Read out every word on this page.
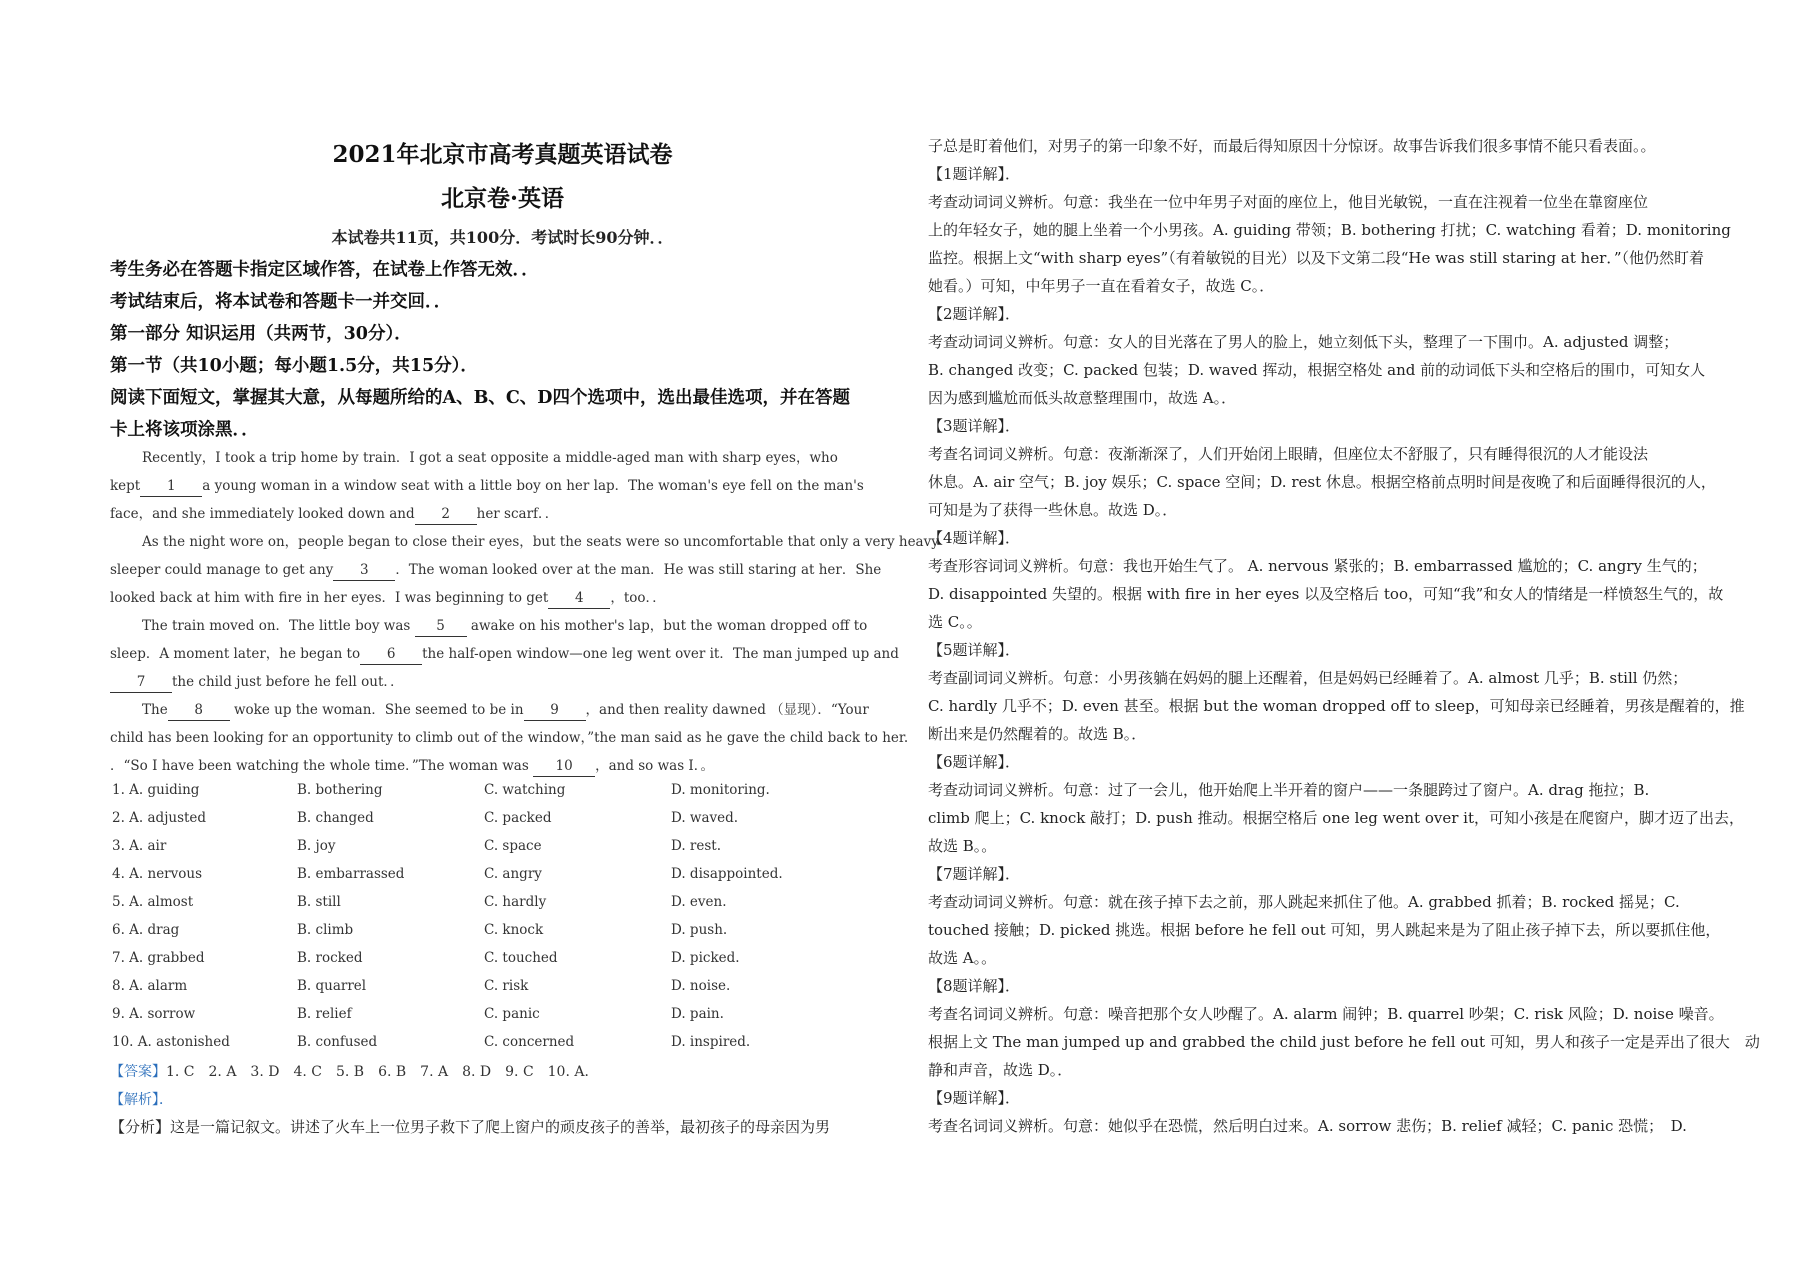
2021年北京市高考真题英语试卷
北京卷·英语
本试卷共11页，共100分．考试时长90分钟．．
考生务必在答题卡指定区域作答，在试卷上作答无效．．
考试结束后，将本试卷和答题卡一并交回．．
第一部分 知识运用（共两节，30分）．
第一节（共10小题；每小题1.5分，共15分）．
阅读下面短文，掌握其大意，从每题所给的A、B、C、D四个选项中，选出最佳选项，并在答题
卡上将该项涂黑．．
Recently，I took a trip home by train．I got a seat opposite a middle-aged man with sharp eyes，who
kept 1 a young woman in a window seat with a little boy on her lap．The woman's eye fell on the man's
face，and she immediately looked down and 2 her scarf．．
As the night wore on，people began to close their eyes，but the seats were so uncomfortable that only a very heavy
sleeper could manage to get any 3 ．The woman looked over at the man．He was still staring at her．She
looked back at him with fire in her eyes．I was beginning to get 4 ，too．．
The train moved on．The little boy was 5 awake on his mother's lap，but the woman dropped off to
sleep．A moment later，he began to 6 the half-open window—one leg went over it．The man jumped up and
7 the child just before he fell out．．
The 8 woke up the woman．She seemed to be in 9 ，and then reality dawned （显现）．“Your
child has been looking for an opportunity to climb out of the window，”the man said as he gave the child back to her.
．“So I have been watching the whole time．”The woman was 10 ，and so was I．。
1. A. guiding	B. bothering	C. watching	D. monitoring.
2. A. adjusted	B. changed	C. packed	D. waved.
3. A. air	B. joy	C. space	D. rest.
4. A. nervous	B. embarrassed	C. angry	D. disappointed.
5. A. almost	B. still	C. hardly	D. even.
6. A. drag	B. climb	C. knock	D. push.
7. A. grabbed	B. rocked	C. touched	D. picked.
8. A. alarm	B. quarrel	C. risk	D. noise.
9. A. sorrow	B. relief	C. panic	D. pain.
10. A. astonished	B. confused	C. concerned	D. inspired.
【答案】1. C　2. A　3. D　4. C　5. B　6. B　7. A　8. D　9. C　10. A．
【解析】．
【分析】这是一篇记叙文。讲述了火车上一位男子救下了爬上窗户的顽皮孩子的善举，最初孩子的母亲因为男
子总是盯着他们，对男子的第一印象不好，而最后得知原因十分惊讶。故事告诉我们很多事情不能只看表面。。
【1题详解】．
考查动词词义辨析。句意：我坐在一位中年男子对面的座位上，他目光敏锐，一直在注视着一位坐在靠窗座位
上的年轻女子，她的腿上坐着一个小男孩。A. guiding 带领；B. bothering 打扰；C. watching 看着；D. monitoring
监控。根据上文“with sharp eyes”（有着敏锐的目光）以及下文第二段“He was still staring at her．”（他仍然盯着
她看。）可知，中年男子一直在看着女子，故选 C。．
【2题详解】．
考查动词词义辨析。句意：女人的目光落在了男人的脸上，她立刻低下头，整理了一下围巾。A. adjusted 调整；
B. changed 改变；C. packed 包装；D. waved 挥动，根据空格处 and 前的动词低下头和空格后的围巾，可知女人
因为感到尴尬而低头故意整理围巾，故选 A。．
【3题详解】．
考查名词词义辨析。句意：夜渐渐深了，人们开始闭上眼睛，但座位太不舒服了，只有睡得很沉的人才能设法
休息。A. air 空气；B. joy 娱乐；C. space 空间；D. rest 休息。根据空格前点明时间是夜晚了和后面睡得很沉的人，
可知是为了获得一些休息。故选 D。．
【4题详解】．
考查形容词词义辨析。句意：我也开始生气了。 A. nervous 紧张的；B. embarrassed 尴尬的；C. angry 生气的；
D. disappointed 失望的。根据 with fire in her eyes 以及空格后 too，可知“我”和女人的情绪是一样愤怒生气的，故
选 C。。
【5题详解】．
考查副词词义辨析。句意：小男孩躺在妈妈的腿上还醒着，但是妈妈已经睡着了。A. almost 几乎；B. still 仍然；
C. hardly 几乎不；D. even 甚至。根据 but the woman dropped off to sleep，可知母亲已经睡着，男孩是醒着的，推
断出来是仍然醒着的。故选 B。．
【6题详解】．
考查动词词义辨析。句意：过了一会儿，他开始爬上半开着的窗户——一条腿跨过了窗户。A. drag 拖拉；B.
climb 爬上；C. knock 敲打；D. push 推动。根据空格后 one leg went over it，可知小孩是在爬窗户，脚才迈了出去，
故选 B。。
【7题详解】．
考查动词词义辨析。句意：就在孩子掉下去之前，那人跳起来抓住了他。A. grabbed 抓着；B. rocked 摇晃；C.
touched 接触；D. picked 挑选。根据 before he fell out 可知，男人跳起来是为了阻止孩子掉下去，所以要抓住他，
故选 A。。
【8题详解】．
考查名词词义辨析。句意：噪音把那个女人吵醒了。A. alarm 闹钟；B. quarrel 吵架；C. risk 风险；D. noise 噪音。
根据上文 The man jumped up and grabbed the child just before he fell out 可知，男人和孩子一定是弄出了很大　动
静和声音，故选 D。．
【9题详解】．
考查名词词义辨析。句意：她似乎在恐慌，然后明白过来。A. sorrow 悲伤；B. relief 减轻；C. panic 恐慌；　D.
